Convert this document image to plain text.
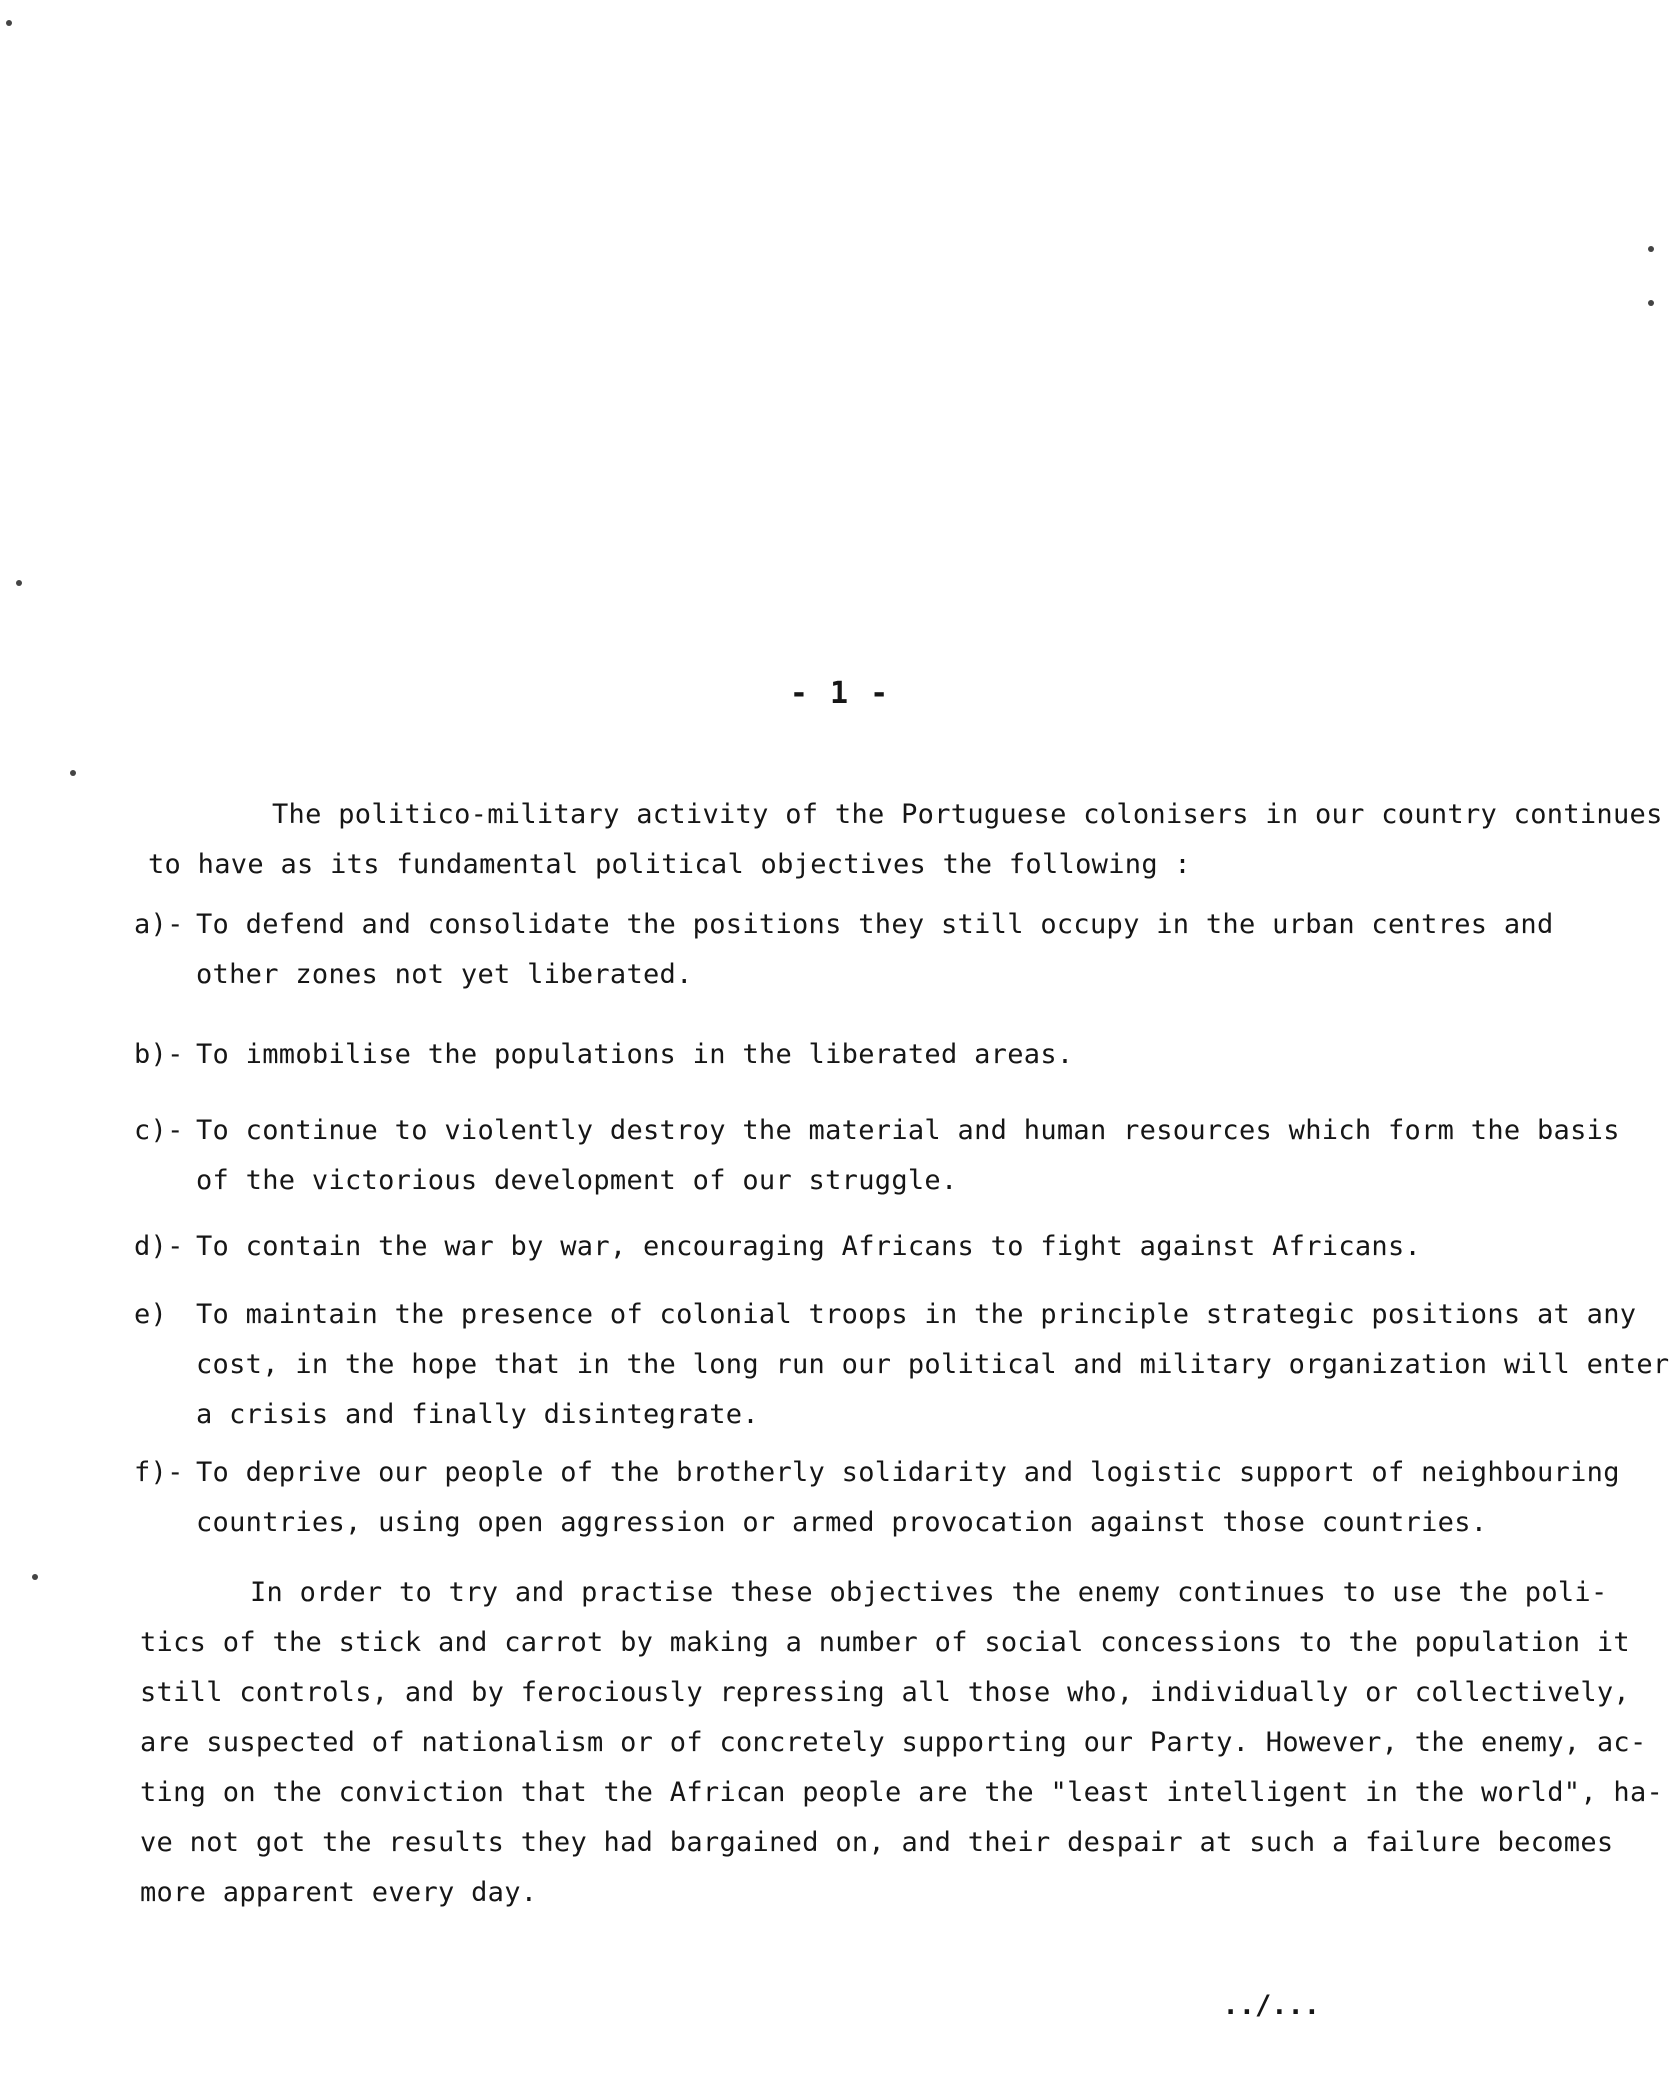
- 1 -
The politico-military activity of the Portuguese colonisers in our country continues
to have as its fundamental political objectives the following :
a)- To defend and consolidate the positions they still occupy in the urban centres and
other zones not yet liberated.
b)- To immobilise the populations in the liberated areas.
c)- To continue to violently destroy the material and human resources which form the basis
of the victorious development of our struggle.
d)- To contain the war by war, encouraging Africans to fight against Africans.
e) To maintain the presence of colonial troops in the principle strategic positions at any
cost, in the hope that in the long run our political and military organization will enter
a crisis and finally disintegrate.
f)- To deprive our people of the brotherly solidarity and logistic support of neighbouring
countries, using open aggression or armed provocation against those countries.
In order to try and practise these objectives the enemy continues to use the poli-
tics of the stick and carrot by making a number of social concessions to the population it
still controls, and by ferociously repressing all those who, individually or collectively,
are suspected of nationalism or of concretely supporting our Party. However, the enemy, ac-
ting on the conviction that the African people are the "least intelligent in the world", ha-
ve not got the results they had bargained on, and their despair at such a failure becomes
more apparent every day.
../...
